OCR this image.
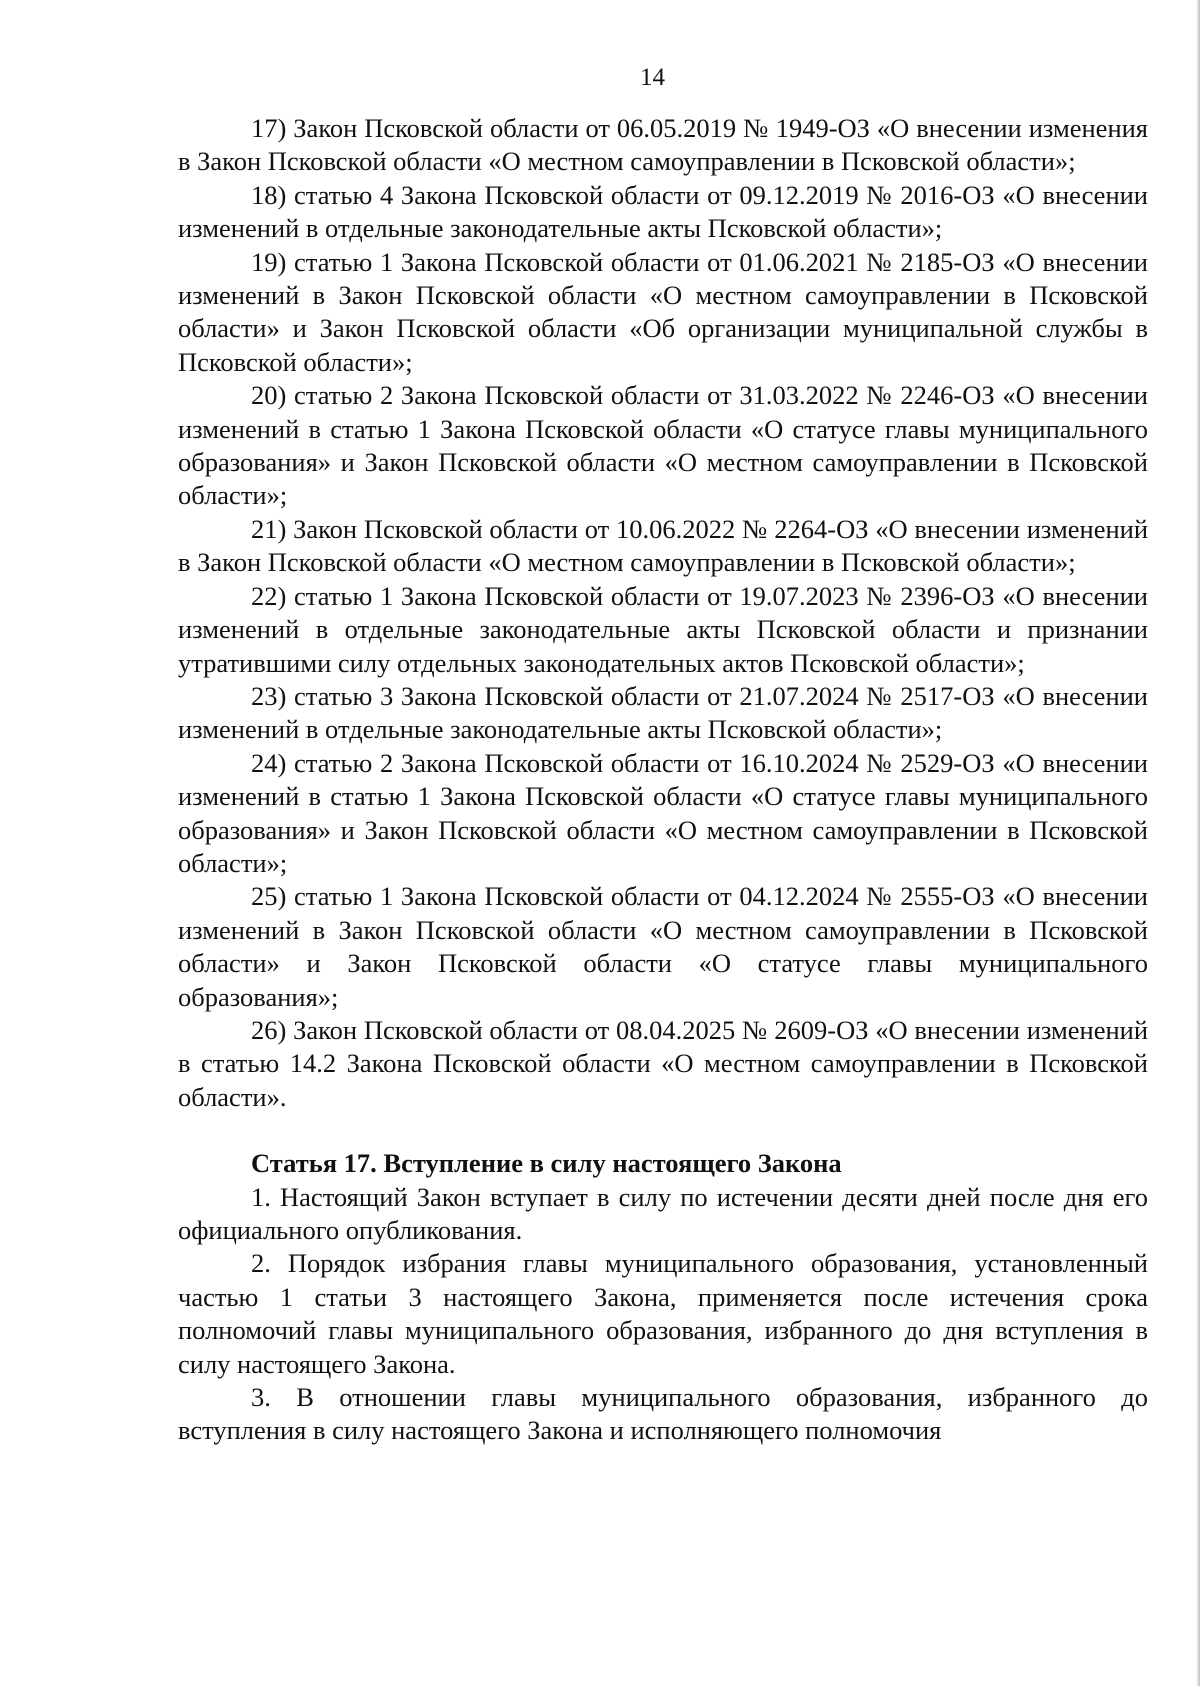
14

17) Закон Псковской области от 06.05.2019 № 1949-ОЗ «О внесении изменения в Закон Псковской области «О местном самоуправлении в Псковской области»;

18) статью 4 Закона Псковской области от 09.12.2019 № 2016-ОЗ «О внесении изменений в отдельные законодательные акты Псковской области»;

19) статью 1 Закона Псковской области от 01.06.2021 № 2185-ОЗ «О внесении изменений в Закон Псковской области «О местном самоуправлении в Псковской области» и Закон Псковской области «Об организации муниципальной службы в Псковской области»;

20) статью 2 Закона Псковской области от 31.03.2022 № 2246-ОЗ «О внесении изменений в статью 1 Закона Псковской области «О статусе главы муниципального образования» и Закон Псковской области «О местном самоуправлении в Псковской области»;

21) Закон Псковской области от 10.06.2022 № 2264-ОЗ «О внесении изменений в Закон Псковской области «О местном самоуправлении в Псковской области»;

22) статью 1 Закона Псковской области от 19.07.2023 № 2396-ОЗ «О внесении изменений в отдельные законодательные акты Псковской области и признании утратившими силу отдельных законодательных актов Псковской области»;

23) статью 3 Закона Псковской области от 21.07.2024 № 2517-ОЗ «О внесении изменений в отдельные законодательные акты Псковской области»;

24) статью 2 Закона Псковской области от 16.10.2024 № 2529-ОЗ «О внесении изменений в статью 1 Закона Псковской области «О статусе главы муниципального образования» и Закон Псковской области «О местном самоуправлении в Псковской области»;

25) статью 1 Закона Псковской области от 04.12.2024 № 2555-ОЗ «О внесении изменений в Закон Псковской области «О местном самоуправлении в Псковской области» и Закон Псковской области «О статусе главы муниципального образования»;

26) Закон Псковской области от 08.04.2025 № 2609-ОЗ «О внесении изменений в статью 14.2 Закона Псковской области «О местном самоуправлении в Псковской области».

Статья 17. Вступление в силу настоящего Закона

1. Настоящий Закон вступает в силу по истечении десяти дней после дня его официального опубликования.

2. Порядок избрания главы муниципального образования, установленный частью 1 статьи 3 настоящего Закона, применяется после истечения срока полномочий главы муниципального образования, избранного до дня вступления в силу настоящего Закона.

3. В отношении главы муниципального образования, избранного до вступления в силу настоящего Закона и исполняющего полномочия
